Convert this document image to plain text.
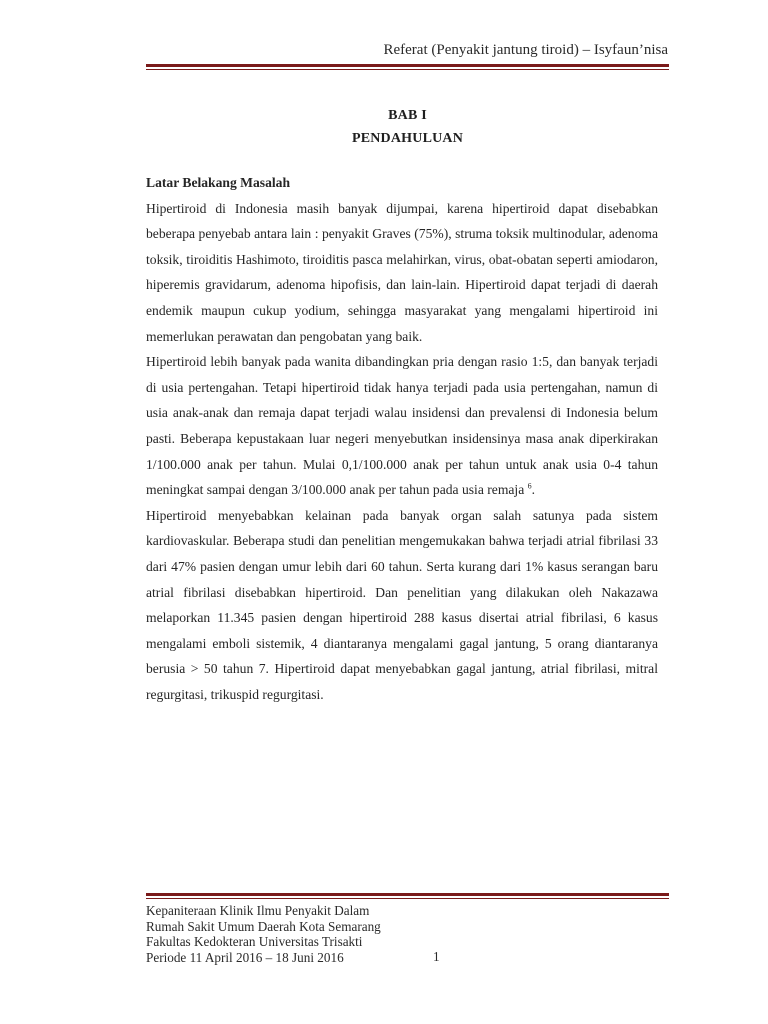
Referat (Penyakit jantung tiroid) – Isyfaun’nisa
BAB I
PENDAHULUAN

Latar Belakang Masalah

Hipertiroid di Indonesia masih banyak dijumpai, karena hipertiroid dapat disebabkan beberapa penyebab antara lain : penyakit Graves (75%), struma toksik multinodular, adenoma toksik, tiroiditis Hashimoto, tiroiditis pasca melahirkan, virus, obat-obatan seperti amiodaron, hiperemis gravidarum, adenoma hipofisis, dan lain-lain. Hipertiroid dapat terjadi di daerah endemik maupun cukup yodium, sehingga masyarakat yang mengalami hipertiroid ini memerlukan perawatan dan pengobatan yang baik.

Hipertiroid lebih banyak pada wanita dibandingkan pria dengan rasio 1:5, dan banyak terjadi di usia pertengahan. Tetapi hipertiroid tidak hanya terjadi pada usia pertengahan, namun di usia anak-anak dan remaja dapat terjadi walau insidensi dan prevalensi di Indonesia belum pasti. Beberapa kepustakaan luar negeri menyebutkan insidensinya masa anak diperkirakan 1/100.000 anak per tahun. Mulai 0,1/100.000 anak per tahun untuk anak usia 0-4 tahun meningkat sampai dengan 3/100.000 anak per tahun pada usia remaja $^6$.

Hipertiroid menyebabkan kelainan pada banyak organ salah satunya pada sistem kardiovaskular. Beberapa studi dan penelitian mengemukakan bahwa terjadi atrial fibrilasi 33 dari 47% pasien dengan umur lebih dari 60 tahun. Serta kurang dari 1% kasus serangan baru atrial fibrilasi disebabkan hipertiroid. Dan penelitian yang dilakukan oleh Nakazawa melaporkan 11.345 pasien dengan hipertiroid 288 kasus disertai atrial fibrilasi, 6 kasus mengalami emboli sistemik, 4 diantaranya mengalami gagal jantung, 5 orang diantaranya berusia > 50 tahun 7. Hipertiroid dapat menyebabkan gagal jantung, atrial fibrilasi, mitral regurgitasi, trikuspid regurgitasi.

Kepaniteraan Klinik Ilmu Penyakit Dalam
Rumah Sakit Umum Daerah Kota Semarang
Fakultas Kedokteran Universitas Trisakti
Periode 11 April 2016 – 18 Juni 2016	1
